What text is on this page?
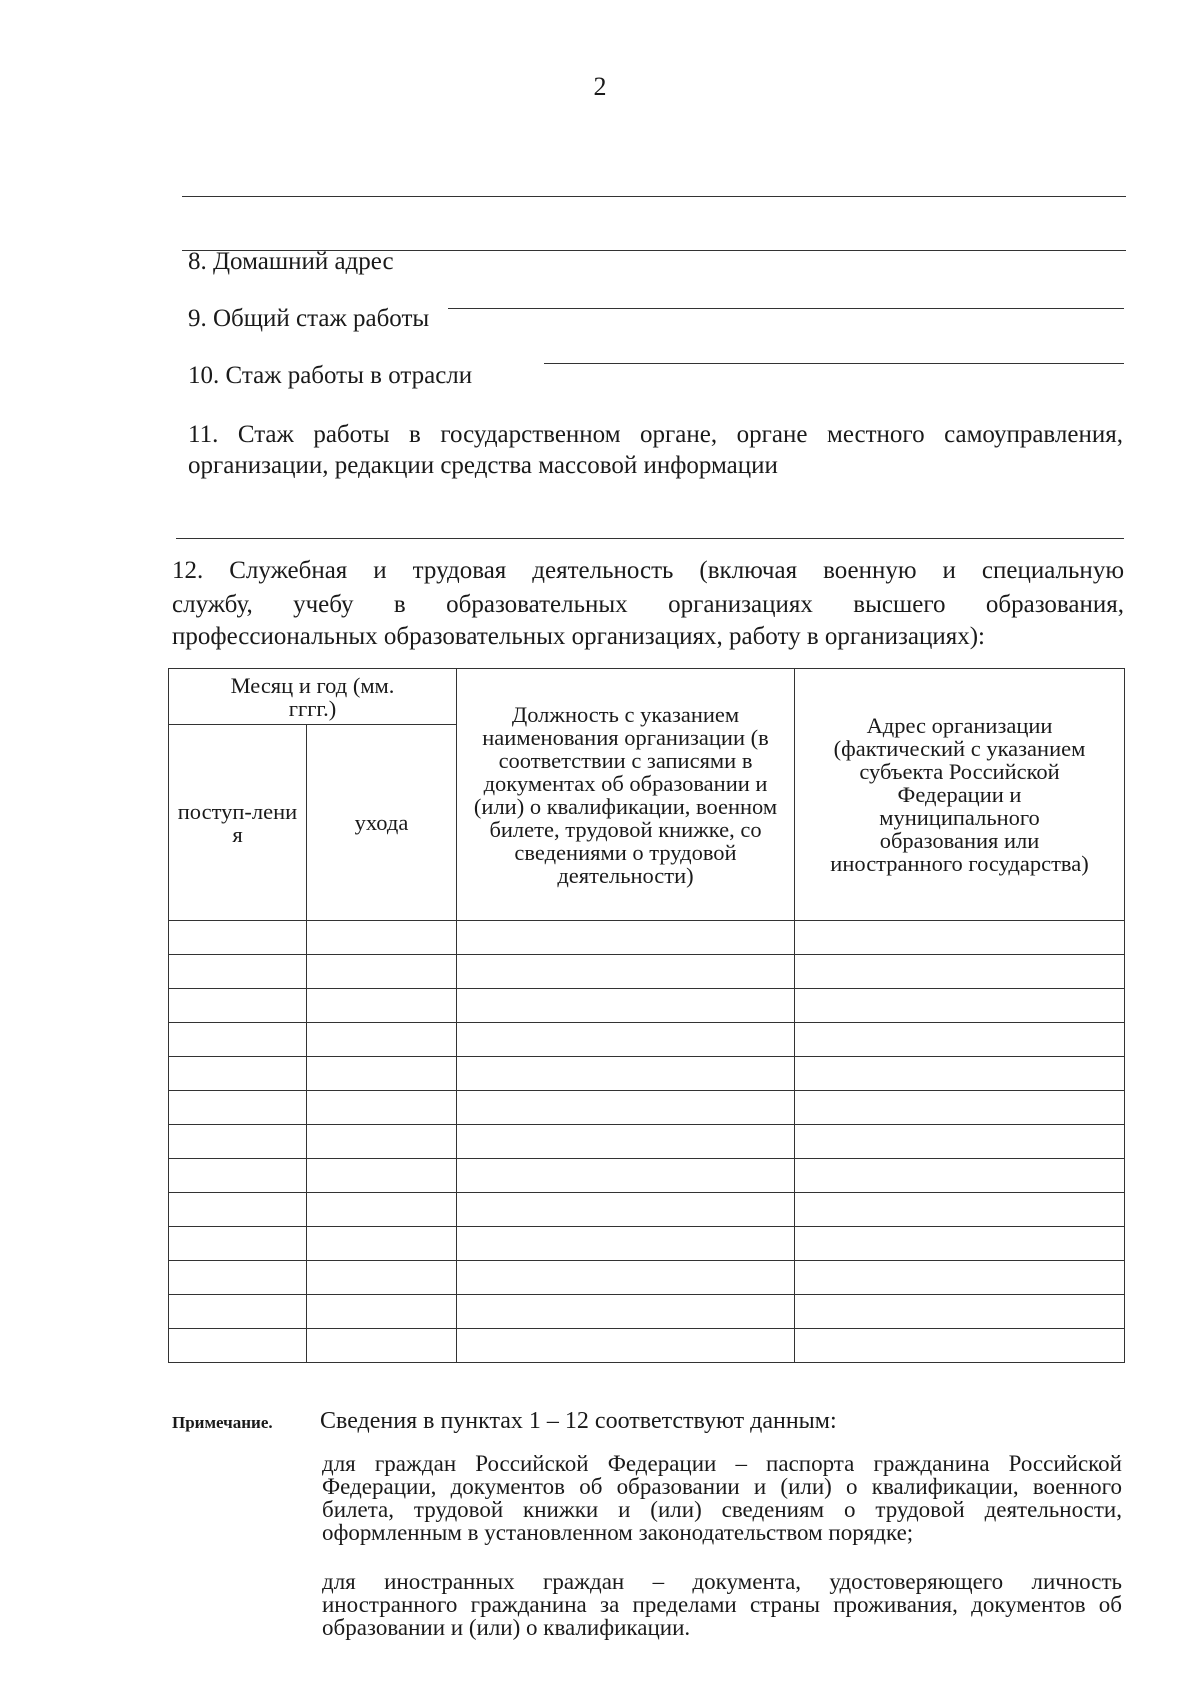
2
8. Домашний адрес
9. Общий стаж работы
10. Стаж работы в отрасли
11. Стаж работы в государственном органе, органе местного самоуправления,
организации, редакции средства массовой информации
12. Служебная и трудовая деятельность (включая военную и специальную
службу, учебу в образовательных организациях высшего образования,
профессиональных образовательных организациях, работу в организациях):
Месяц и год (мм. гггг.)		Должность с указанием наименования организации (в соответствии с записями в документах об образовании и (или) о квалификации, военном билете, трудовой книжке, со сведениями о трудовой деятельности)	Адрес организации (фактический с указанием субъекта Российской Федерации и муниципального образования или иностранного государства)
поступ-ления	ухода		

Примечание. Сведения в пунктах 1 – 12 соответствуют данным:
для граждан Российской Федерации – паспорта гражданина Российской Федерации, документов об образовании и (или) о квалификации, военного билета, трудовой книжки и (или) сведениям о трудовой деятельности, оформленным в установленном законодательством порядке;
для иностранных граждан – документа, удостоверяющего личность иностранного гражданина за пределами страны проживания, документов об образовании и (или) о квалификации.
